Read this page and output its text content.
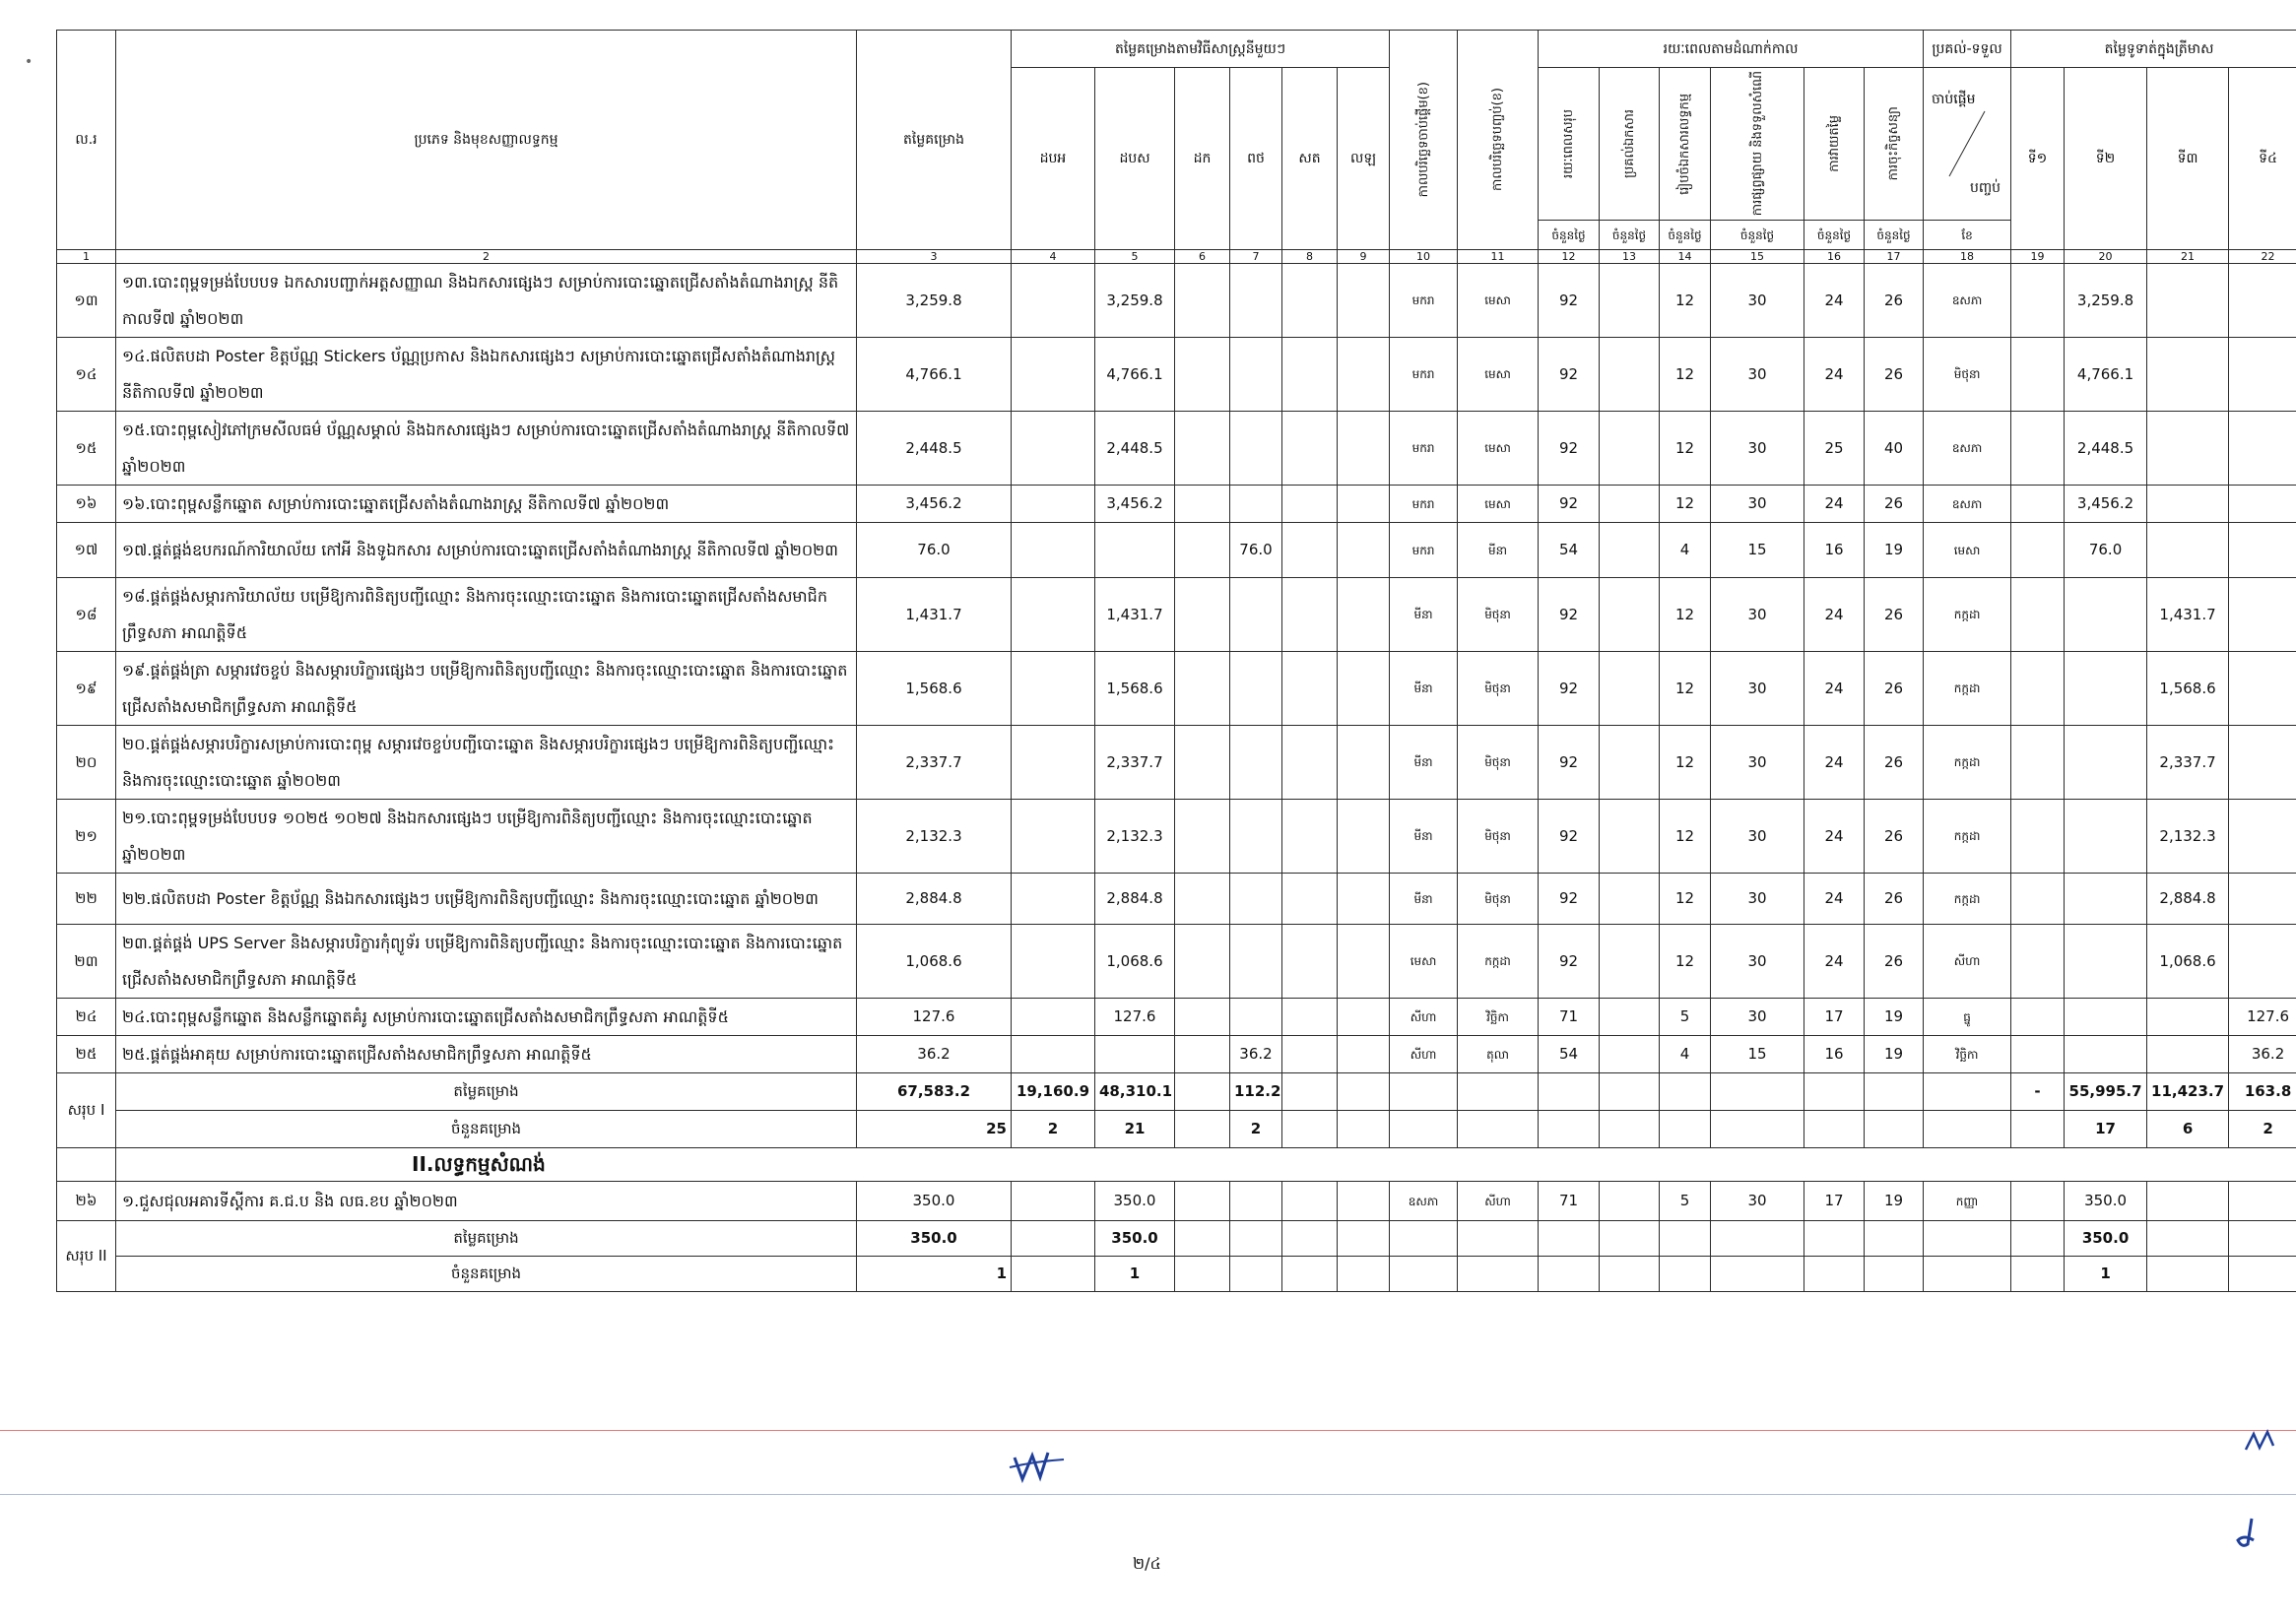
ល.រ	ប្រភេទ និងមុខសញ្ញាលទ្ធកម្ម	តម្លៃគម្រោង	តម្លៃគម្រោងតាមវិធីសាស្ត្រនីមួយៗ						កាលបរិច្ឆេទចាប់ផ្តើម(ខ)	កាលបរិច្ឆេទបញ្ចប់(ខ)	រយៈពេលតាមដំណាក់កាល						ប្រគល់-ទទួល	តម្លៃទូទាត់ក្នុងត្រីមាស			
			ដបអ	ដបស	ដក	ពថ	សត	លឡ			រយៈពេលសរុប	ប្រគល់ឯកសារ	រៀបចំឯកសារលទ្ធកម្ម	ការផ្សព្វផ្សាយ និងទទួលសំណើ	ការវាយតម្លៃ	ការចុះកិច្ចសន្យា	ចាប់ផ្តើម
បញ្ចប់	ទី១	ទី២	ទី៣	ទី៤
											ចំនួនថ្ងៃ	ចំនួនថ្ងៃ	ចំនួនថ្ងៃ	ចំនួនថ្ងៃ	ចំនួនថ្ងៃ	ចំនួនថ្ងៃ	ខែ				
1	2	3	4	5	6	7	8	9	10	11	12	13	14	15	16	17	18	19	20	21	22
១៣	១៣.បោះពុម្ពទម្រង់បែបបទ ឯកសារបញ្ជាក់អត្តសញ្ញាណ និងឯកសារផ្សេងៗ សម្រាប់ការបោះឆ្នោតជ្រើសតាំងតំណាងរាស្ត្រ នីតិកាលទី៧ ឆ្នាំ២០២៣	3,259.8		3,259.8					មករា	មេសា	92		12	30	24	26	ឧសភា		3,259.8		
១៤	១៤.ផលិតបដា Poster ខិត្តប័ណ្ណ Stickers ប័ណ្ណប្រកាស និងឯកសារផ្សេងៗ សម្រាប់ការបោះឆ្នោតជ្រើសតាំងតំណាងរាស្ត្រ នីតិកាលទី៧ ឆ្នាំ២០២៣	4,766.1		4,766.1					មករា	មេសា	92		12	30	24	26	មិថុនា		4,766.1		
១៥	១៥.បោះពុម្ពសៀវភៅក្រមសីលធម៌ ប័ណ្ណសម្គាល់ និងឯកសារផ្សេងៗ សម្រាប់ការបោះឆ្នោតជ្រើសតាំងតំណាងរាស្ត្រ នីតិកាលទី៧ ឆ្នាំ២០២៣	2,448.5		2,448.5					មករា	មេសា	92		12	30	25	40	ឧសភា		2,448.5		
១៦	១៦.បោះពុម្ពសន្លឹកឆ្នោត សម្រាប់ការបោះឆ្នោតជ្រើសតាំងតំណាងរាស្ត្រ នីតិកាលទី៧ ឆ្នាំ២០២៣	3,456.2		3,456.2					មករា	មេសា	92		12	30	24	26	ឧសភា		3,456.2		
១៧	១៧.ផ្គត់ផ្គង់ឧបករណ៍ការិយាល័យ កៅអី និងទូឯកសារ សម្រាប់ការបោះឆ្នោតជ្រើសតាំងតំណាងរាស្ត្រ នីតិកាលទី៧ ឆ្នាំ២០២៣	76.0				76.0			មករា	មីនា	54		4	15	16	19	មេសា		76.0		
១៨	១៨.ផ្គត់ផ្គង់សម្ភារការិយាល័យ បម្រើឱ្យការពិនិត្យបញ្ជីឈ្មោះ និងការចុះឈ្មោះបោះឆ្នោត និងការបោះឆ្នោតជ្រើសតាំងសមាជិកព្រឹទ្ធសភា អាណត្តិទី៥	1,431.7		1,431.7					មីនា	មិថុនា	92		12	30	24	26	កក្កដា			1,431.7	
១៩	១៩.ផ្គត់ផ្គង់ត្រា សម្ភារវេចខ្ចប់ និងសម្ភារបរិក្ខារផ្សេងៗ បម្រើឱ្យការពិនិត្យបញ្ជីឈ្មោះ និងការចុះឈ្មោះបោះឆ្នោត និងការបោះឆ្នោតជ្រើសតាំងសមាជិកព្រឹទ្ធសភា អាណត្តិទី៥	1,568.6		1,568.6					មីនា	មិថុនា	92		12	30	24	26	កក្កដា			1,568.6	
២០	២០.ផ្គត់ផ្គង់សម្ភារបរិក្ខារសម្រាប់ការបោះពុម្ព សម្ភារវេចខ្ចប់បញ្ជីបោះឆ្នោត និងសម្ភារបរិក្ខារផ្សេងៗ បម្រើឱ្យការពិនិត្យបញ្ជីឈ្មោះ និងការចុះឈ្មោះបោះឆ្នោត ឆ្នាំ២០២៣	2,337.7		2,337.7					មីនា	មិថុនា	92		12	30	24	26	កក្កដា			2,337.7	
២១	២១.បោះពុម្ពទម្រង់បែបបទ ១០២៥ ១០២៧ និងឯកសារផ្សេងៗ បម្រើឱ្យការពិនិត្យបញ្ជីឈ្មោះ និងការចុះឈ្មោះបោះឆ្នោត ឆ្នាំ២០២៣	2,132.3		2,132.3					មីនា	មិថុនា	92		12	30	24	26	កក្កដា			2,132.3	
២២	២២.ផលិតបដា Poster ខិត្តប័ណ្ណ និងឯកសារផ្សេងៗ បម្រើឱ្យការពិនិត្យបញ្ជីឈ្មោះ និងការចុះឈ្មោះបោះឆ្នោត ឆ្នាំ២០២៣	2,884.8		2,884.8					មីនា	មិថុនា	92		12	30	24	26	កក្កដា			2,884.8	
២៣	២៣.ផ្គត់ផ្គង់ UPS Server និងសម្ភារបរិក្ខារកុំព្យូទ័រ បម្រើឱ្យការពិនិត្យបញ្ជីឈ្មោះ និងការចុះឈ្មោះបោះឆ្នោត និងការបោះឆ្នោតជ្រើសតាំងសមាជិកព្រឹទ្ធសភា អាណត្តិទី៥	1,068.6		1,068.6					មេសា	កក្កដា	92		12	30	24	26	សីហា			1,068.6	
២៤	២៤.បោះពុម្ពសន្លឹកឆ្នោត និងសន្លឹកឆ្នោតគំរូ សម្រាប់ការបោះឆ្នោតជ្រើសតាំងសមាជិកព្រឹទ្ធសភា អាណត្តិទី៥	127.6		127.6					សីហា	វិច្ឆិកា	71		5	30	17	19	ធ្នូ				127.6
២៥	២៥.ផ្គត់ផ្គង់អាគុយ សម្រាប់ការបោះឆ្នោតជ្រើសតាំងសមាជិកព្រឹទ្ធសភា អាណត្តិទី៥	36.2				36.2			សីហា	តុលា	54		4	15	16	19	វិច្ឆិកា				36.2
សរុប I	តម្លៃគម្រោង	67,583.2	19,160.9	48,310.1		112.2												-	55,995.7	11,423.7	163.8
	ចំនួនគម្រោង	25	2	21		2													17	6	2
	II.លទ្ធកម្មសំណង់																				
២៦	១.ជួសជុលអគារទីស្តីការ គ.ជ.ប និង លធ.ខប ឆ្នាំ២០២៣	350.0		350.0					ឧសភា	សីហា	71		5	30	17	19	កញ្ញា		350.0		
សរុប II	តម្លៃគម្រោង	350.0		350.0															350.0		
	ចំនួនគម្រោង	1		1															1		
២/៤
•
